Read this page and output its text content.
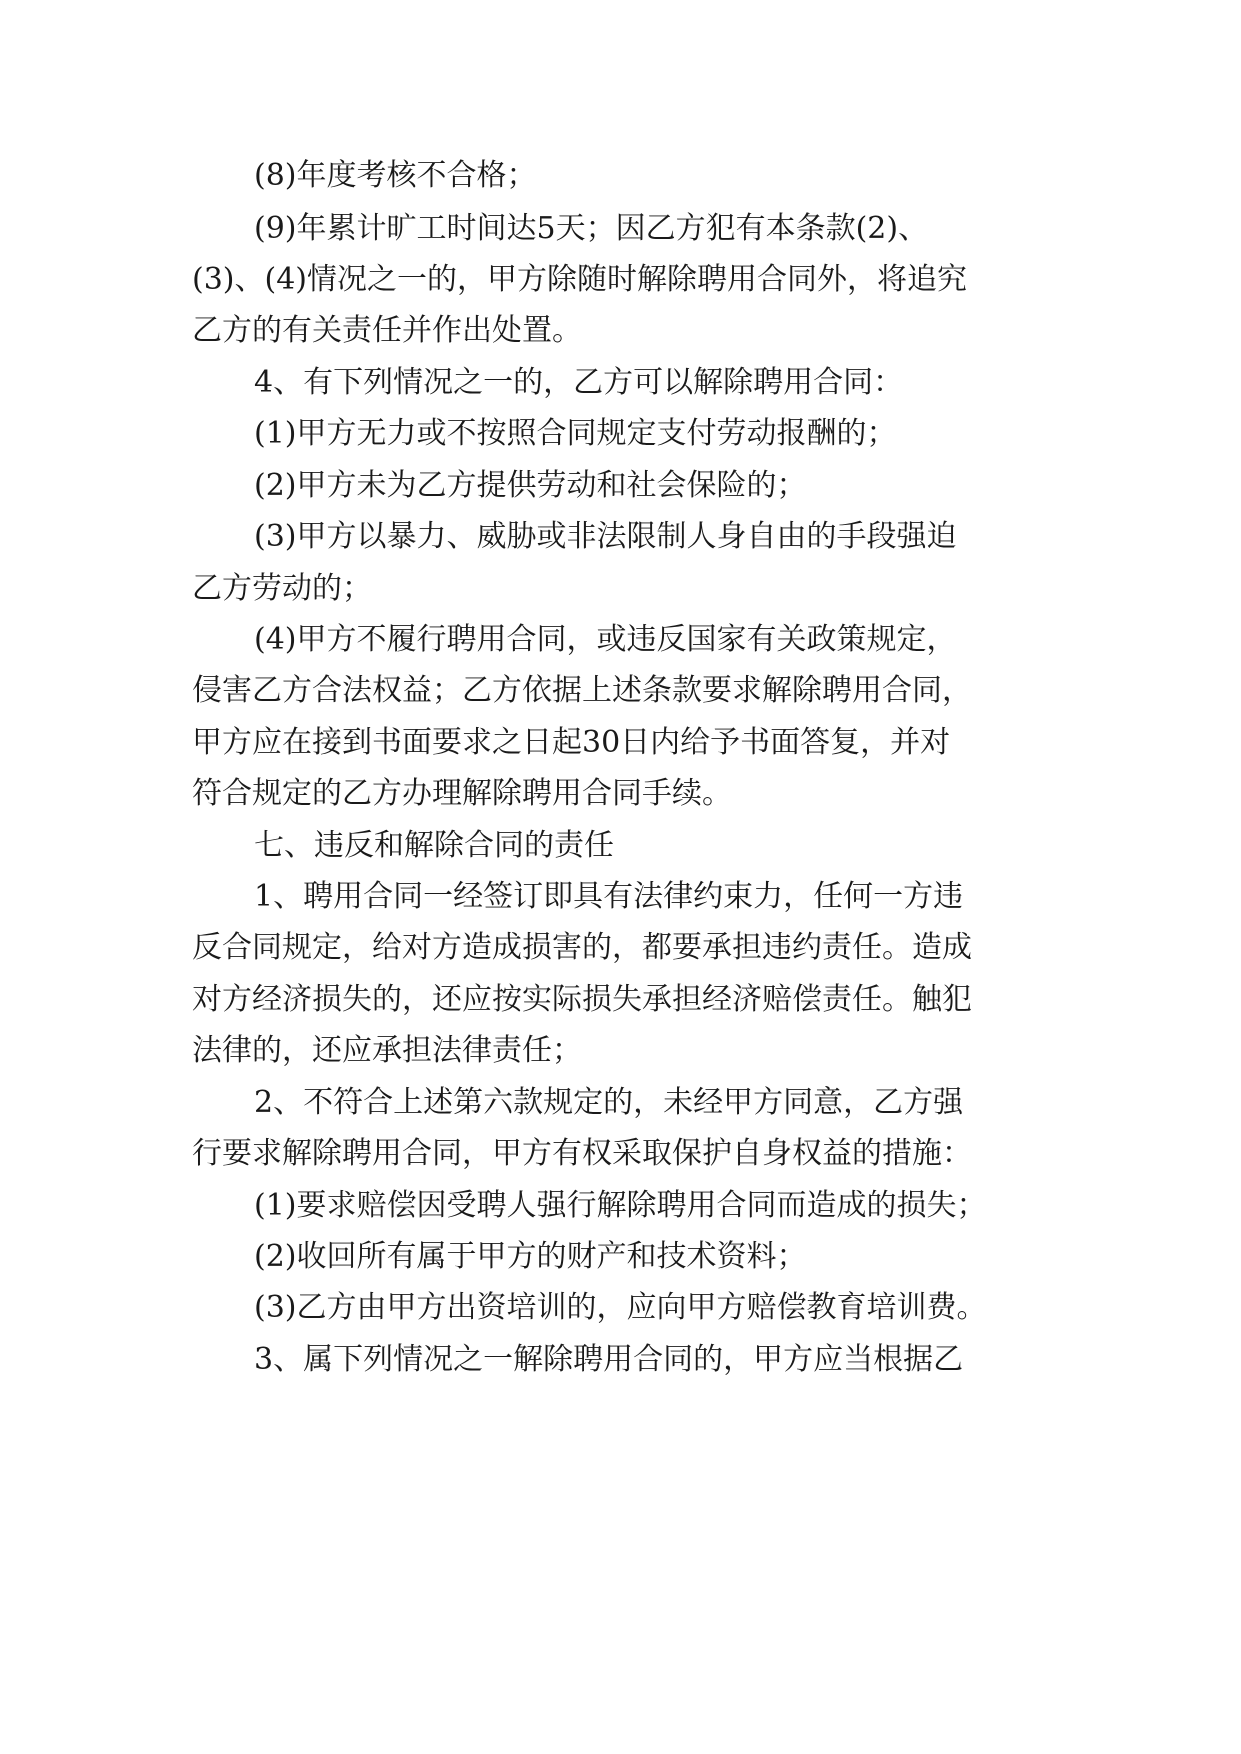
(8)年度考核不合格；
(9)年累计旷工时间达5天；因乙方犯有本条款(2)、
(3)、(4)情况之一的，甲方除随时解除聘用合同外，将追究
乙方的有关责任并作出处置。
4、有下列情况之一的，乙方可以解除聘用合同：
(1)甲方无力或不按照合同规定支付劳动报酬的；
(2)甲方未为乙方提供劳动和社会保险的；
(3)甲方以暴力、威胁或非法限制人身自由的手段强迫
乙方劳动的；
(4)甲方不履行聘用合同，或违反国家有关政策规定，
侵害乙方合法权益；乙方依据上述条款要求解除聘用合同，
甲方应在接到书面要求之日起30日内给予书面答复，并对
符合规定的乙方办理解除聘用合同手续。
七、违反和解除合同的责任
1、聘用合同一经签订即具有法律约束力，任何一方违
反合同规定，给对方造成损害的，都要承担违约责任。造成
对方经济损失的，还应按实际损失承担经济赔偿责任。触犯
法律的，还应承担法律责任；
2、不符合上述第六款规定的，未经甲方同意，乙方强
行要求解除聘用合同，甲方有权采取保护自身权益的措施：
(1)要求赔偿因受聘人强行解除聘用合同而造成的损失；
(2)收回所有属于甲方的财产和技术资料；
(3)乙方由甲方出资培训的，应向甲方赔偿教育培训费。
3、属下列情况之一解除聘用合同的，甲方应当根据乙
